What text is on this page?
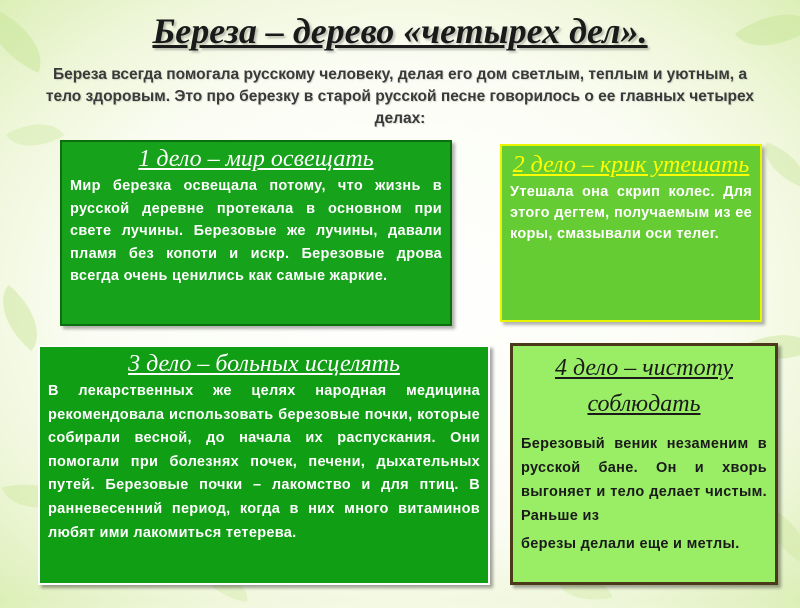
Береза – дерево «четырех дел».
Береза всегда помогала русскому человеку, делая его дом светлым, теплым и уютным, а тело здоровым. Это про березку в старой русской песне говорилось о ее главных четырех делах:
1 дело – мир освещать

Мир березка освещала потому, что жизнь в русской деревне протекала в основном при свете лучины. Березовые же лучины, давали пламя без копоти и искр. Березовые дрова всегда очень ценились как самые жаркие.

2 дело – крик утешать

Утешала она скрип колес. Для этого дегтем, получаемым из ее коры, смазывали оси телег.

3 дело – больных исцелять

В лекарственных же целях народная медицина рекомендовала использовать березовые почки, которые собирали весной, до начала их распускания. Они помогали при болезнях почек, печени, дыхательных путей. Березовые почки – лакомство и для птиц. В ранневесенний период, когда в них много витаминов любят ими лакомиться тетерева.

4 дело – чистоту соблюдать

Березовый веник незаменим в русской бане. Он и хворь выгоняет и тело делает чистым. Раньше из

березы делали еще и метлы.
